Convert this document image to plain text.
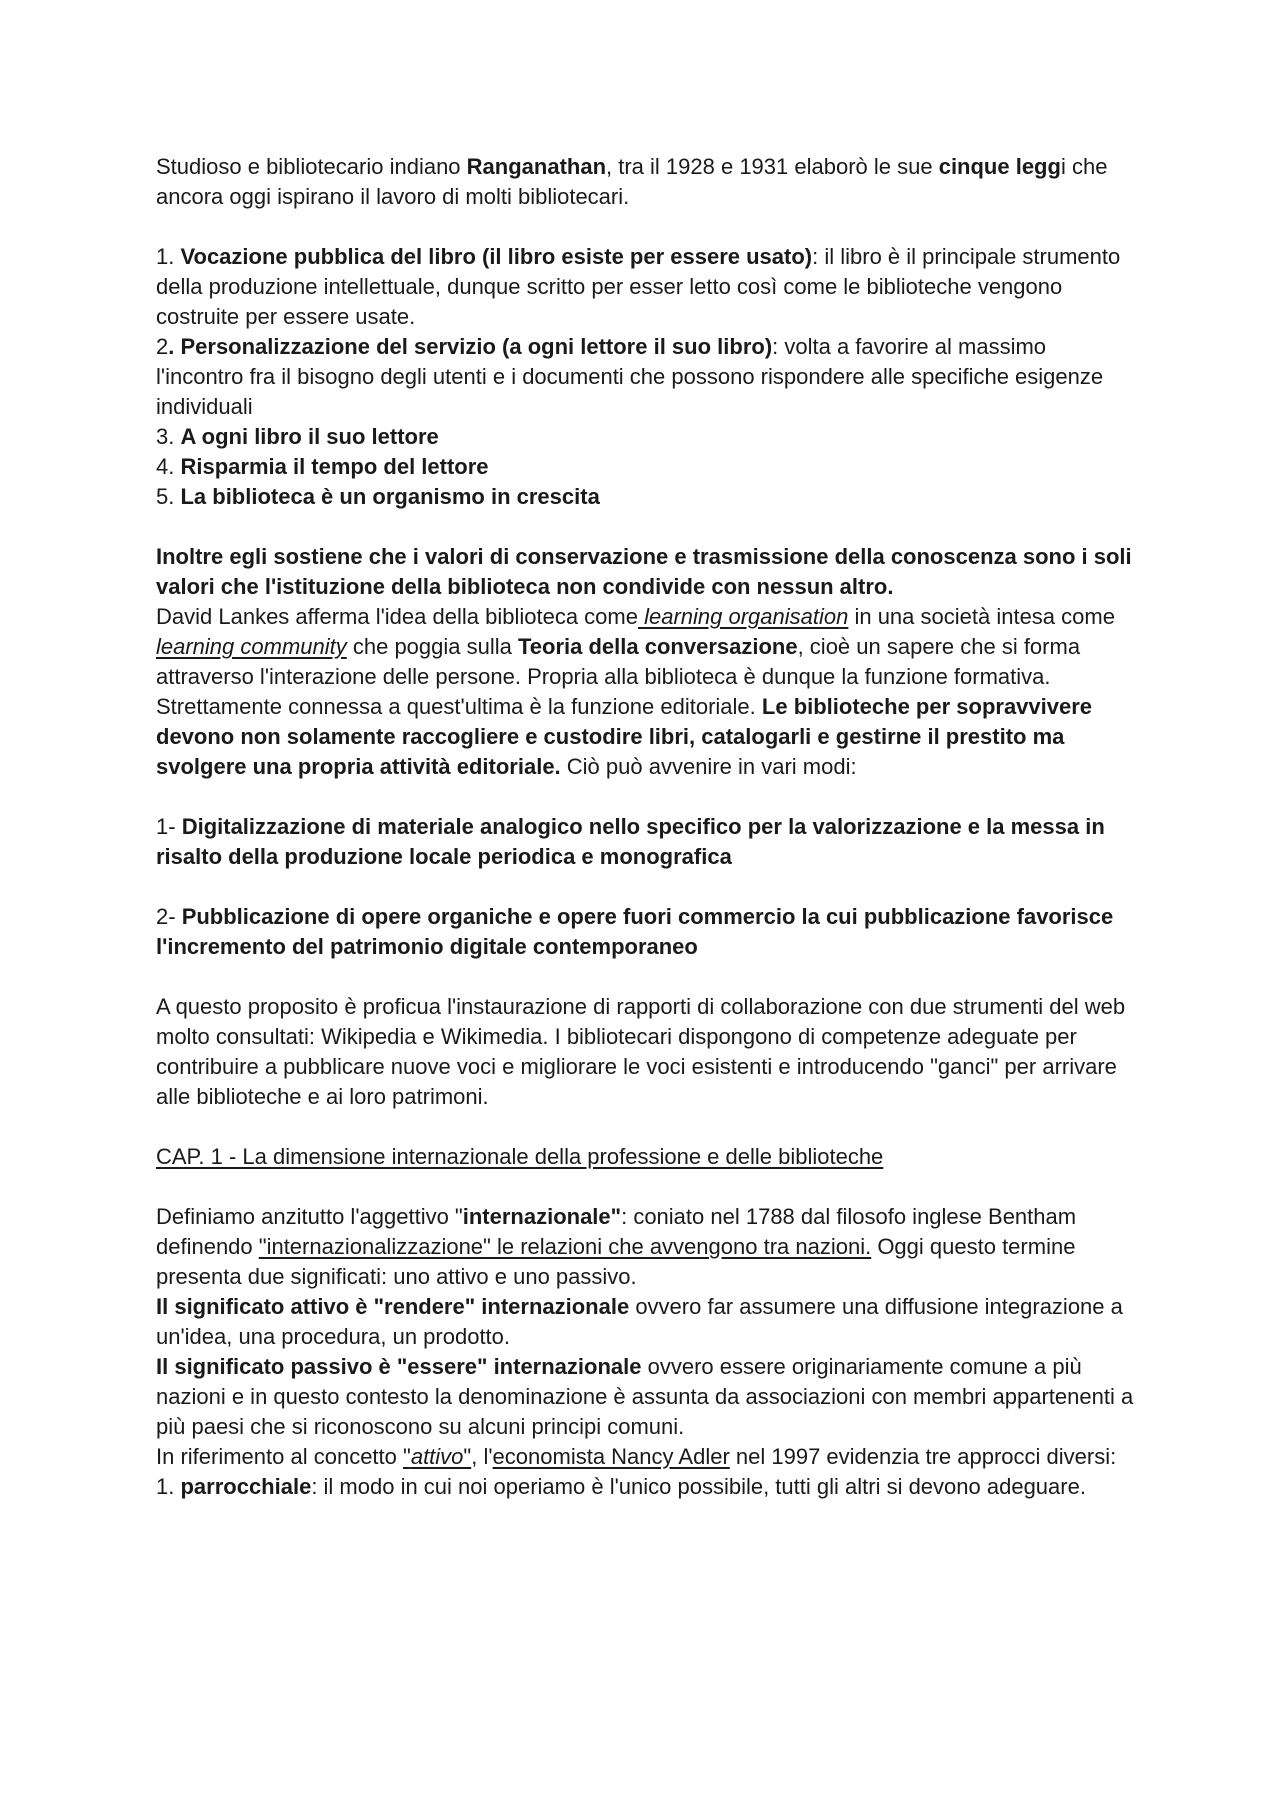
Studioso e bibliotecario indiano Ranganathan, tra il 1928 e 1931 elaborò le sue cinque leggi che ancora oggi ispirano il lavoro di molti bibliotecari.

1. Vocazione pubblica del libro (il libro esiste per essere usato): il libro è il principale strumento della produzione intellettuale, dunque scritto per esser letto così come le biblioteche vengono costruite per essere usate.

2. Personalizzazione del servizio (a ogni lettore il suo libro): volta a favorire al massimo l'incontro fra il bisogno degli utenti e i documenti che possono rispondere alle specifiche esigenze individuali

3. A ogni libro il suo lettore

4. Risparmia il tempo del lettore

5. La biblioteca è un organismo in crescita

Inoltre egli sostiene che i valori di conservazione e trasmissione della conoscenza sono i soli valori che l'istituzione della biblioteca non condivide con nessun altro.

David Lankes afferma l'idea della biblioteca come learning organisation in una società intesa come learning community che poggia sulla Teoria della conversazione, cioè un sapere che si forma attraverso l'interazione delle persone. Propria alla biblioteca è dunque la funzione formativa. Strettamente connessa a quest'ultima è la funzione editoriale. Le biblioteche per sopravvivere devono non solamente raccogliere e custodire libri, catalogarli e gestirne il prestito ma svolgere una propria attività editoriale. Ciò può avvenire in vari modi:

1- Digitalizzazione di materiale analogico nello specifico per la valorizzazione e la messa in risalto della produzione locale periodica e monografica

2- Pubblicazione di opere organiche e opere fuori commercio la cui pubblicazione favorisce l'incremento del patrimonio digitale contemporaneo

A questo proposito è proficua l'instaurazione di rapporti di collaborazione con due strumenti del web molto consultati: Wikipedia e Wikimedia. I bibliotecari dispongono di competenze adeguate per contribuire a pubblicare nuove voci e migliorare le voci esistenti e introducendo "ganci" per arrivare alle biblioteche e ai loro patrimoni.

CAP. 1 - La dimensione internazionale della professione e delle biblioteche

Definiamo anzitutto l'aggettivo "internazionale": coniato nel 1788 dal filosofo inglese Bentham definendo "internazionalizzazione" le relazioni che avvengono tra nazioni. Oggi questo termine presenta due significati: uno attivo e uno passivo.

Il significato attivo è "rendere" internazionale ovvero far assumere una diffusione integrazione a un'idea, una procedura, un prodotto.

Il significato passivo è "essere" internazionale ovvero essere originariamente comune a più nazioni e in questo contesto la denominazione è assunta da associazioni con membri appartenenti a più paesi che si riconoscono su alcuni principi comuni.

In riferimento al concetto "attivo", l'economista Nancy Adler nel 1997 evidenzia tre approcci diversi: 1. parrocchiale: il modo in cui noi operiamo è l'unico possibile, tutti gli altri si devono adeguare.
